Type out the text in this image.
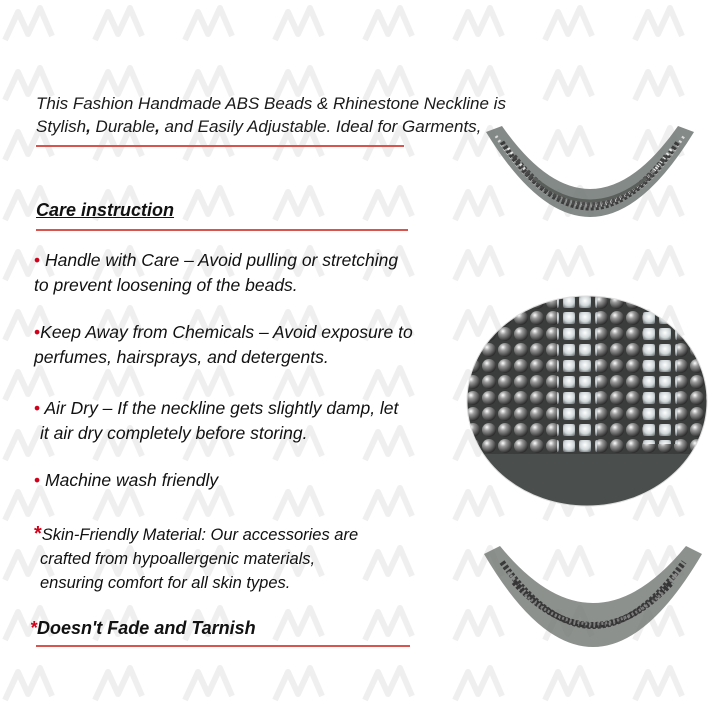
This Fashion Handmade ABS Beads & Rhinestone Neckline is
Stylish, Durable, and Easily Adjustable. Ideal for Garments,

Care instruction

• Handle with Care – Avoid pulling or stretching
to prevent loosening of the beads.

•Keep Away from Chemicals – Avoid exposure to
perfumes, hairsprays, and detergents.

• Air Dry – If the neckline gets slightly damp, let

it air dry completely before storing.

• Machine wash friendly

*Skin-Friendly Material: Our accessories are

crafted from hypoallergenic materials,
ensuring comfort for all skin types.

*Doesn't Fade and Tarnish
